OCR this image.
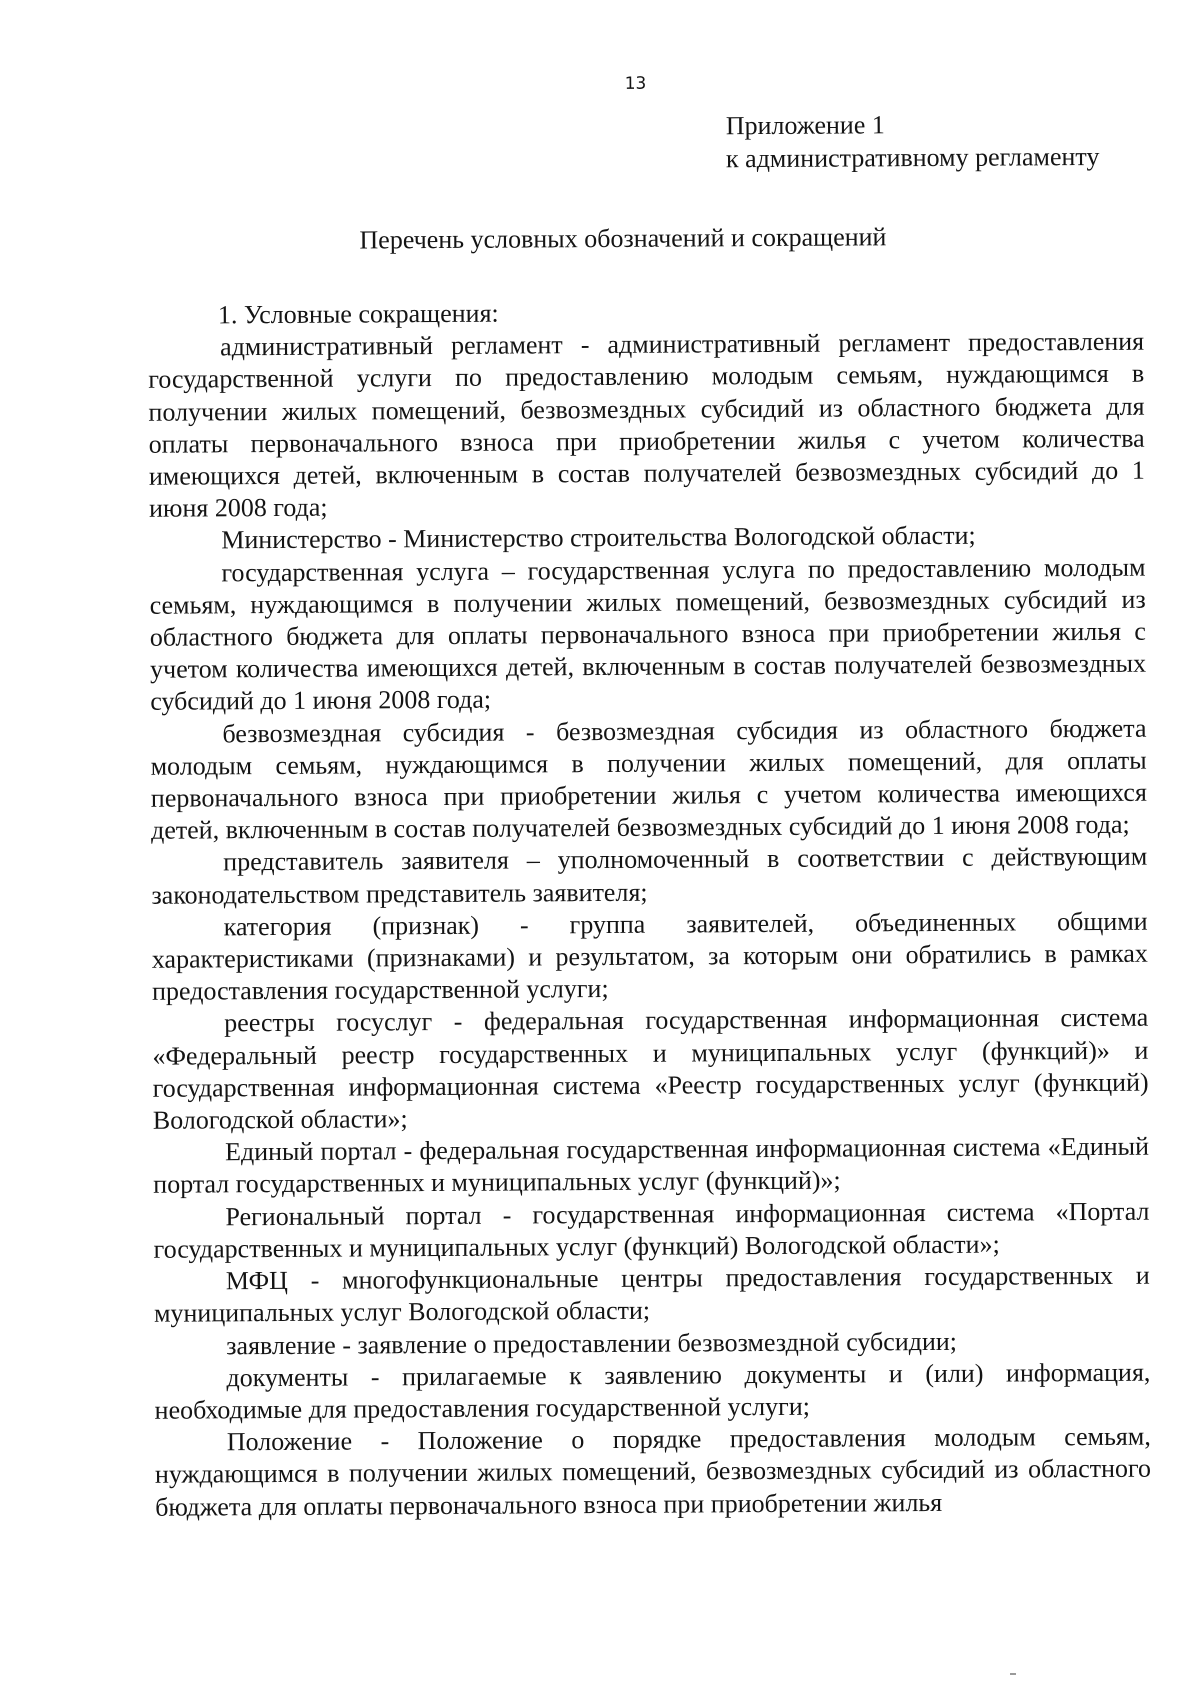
13
Приложение 1
к административному регламенту
Перечень условных обозначений и сокращений

1. Условные сокращения:

административный регламент - административный регламент предоставления государственной услуги по предоставлению молодым семьям, нуждающимся в получении жилых помещений, безвозмездных субсидий из областного бюджета для оплаты первоначального взноса при приобретении жилья с учетом количества имеющихся детей, включенным в состав получателей безвозмездных субсидий до 1 июня 2008 года;

Министерство - Министерство строительства Вологодской области;

государственная услуга – государственная услуга по предоставлению молодым семьям, нуждающимся в получении жилых помещений, безвозмездных субсидий из областного бюджета для оплаты первоначального взноса при приобретении жилья с учетом количества имеющихся детей, включенным в состав получателей безвозмездных субсидий до 1 июня 2008 года;

безвозмездная субсидия - безвозмездная субсидия из областного бюджета молодым семьям, нуждающимся в получении жилых помещений, для оплаты первоначального взноса при приобретении жилья с учетом количества имеющихся детей, включенным в состав получателей безвозмездных субсидий до 1 июня 2008 года;

представитель заявителя – уполномоченный в соответствии с действующим законодательством представитель заявителя;

категория (признак) - группа заявителей, объединенных общими характеристиками (признаками) и результатом, за которым они обратились в рамках предоставления государственной услуги;

реестры госуслуг - федеральная государственная информационная система «Федеральный реестр государственных и муниципальных услуг (функций)» и государственная информационная система «Реестр государственных услуг (функций) Вологодской области»;

Единый портал - федеральная государственная информационная система «Единый портал государственных и муниципальных услуг (функций)»;

Региональный портал - государственная информационная система «Портал государственных и муниципальных услуг (функций) Вологодской области»;

МФЦ - многофункциональные центры предоставления государственных и муниципальных услуг Вологодской области;

заявление - заявление о предоставлении безвозмездной субсидии;

документы - прилагаемые к заявлению документы и (или) информация, необходимые для предоставления государственной услуги;

Положение - Положение о порядке предоставления молодым семьям, нуждающимся в получении жилых помещений, безвозмездных субсидий из областного бюджета для оплаты первоначального взноса при приобретении жилья
